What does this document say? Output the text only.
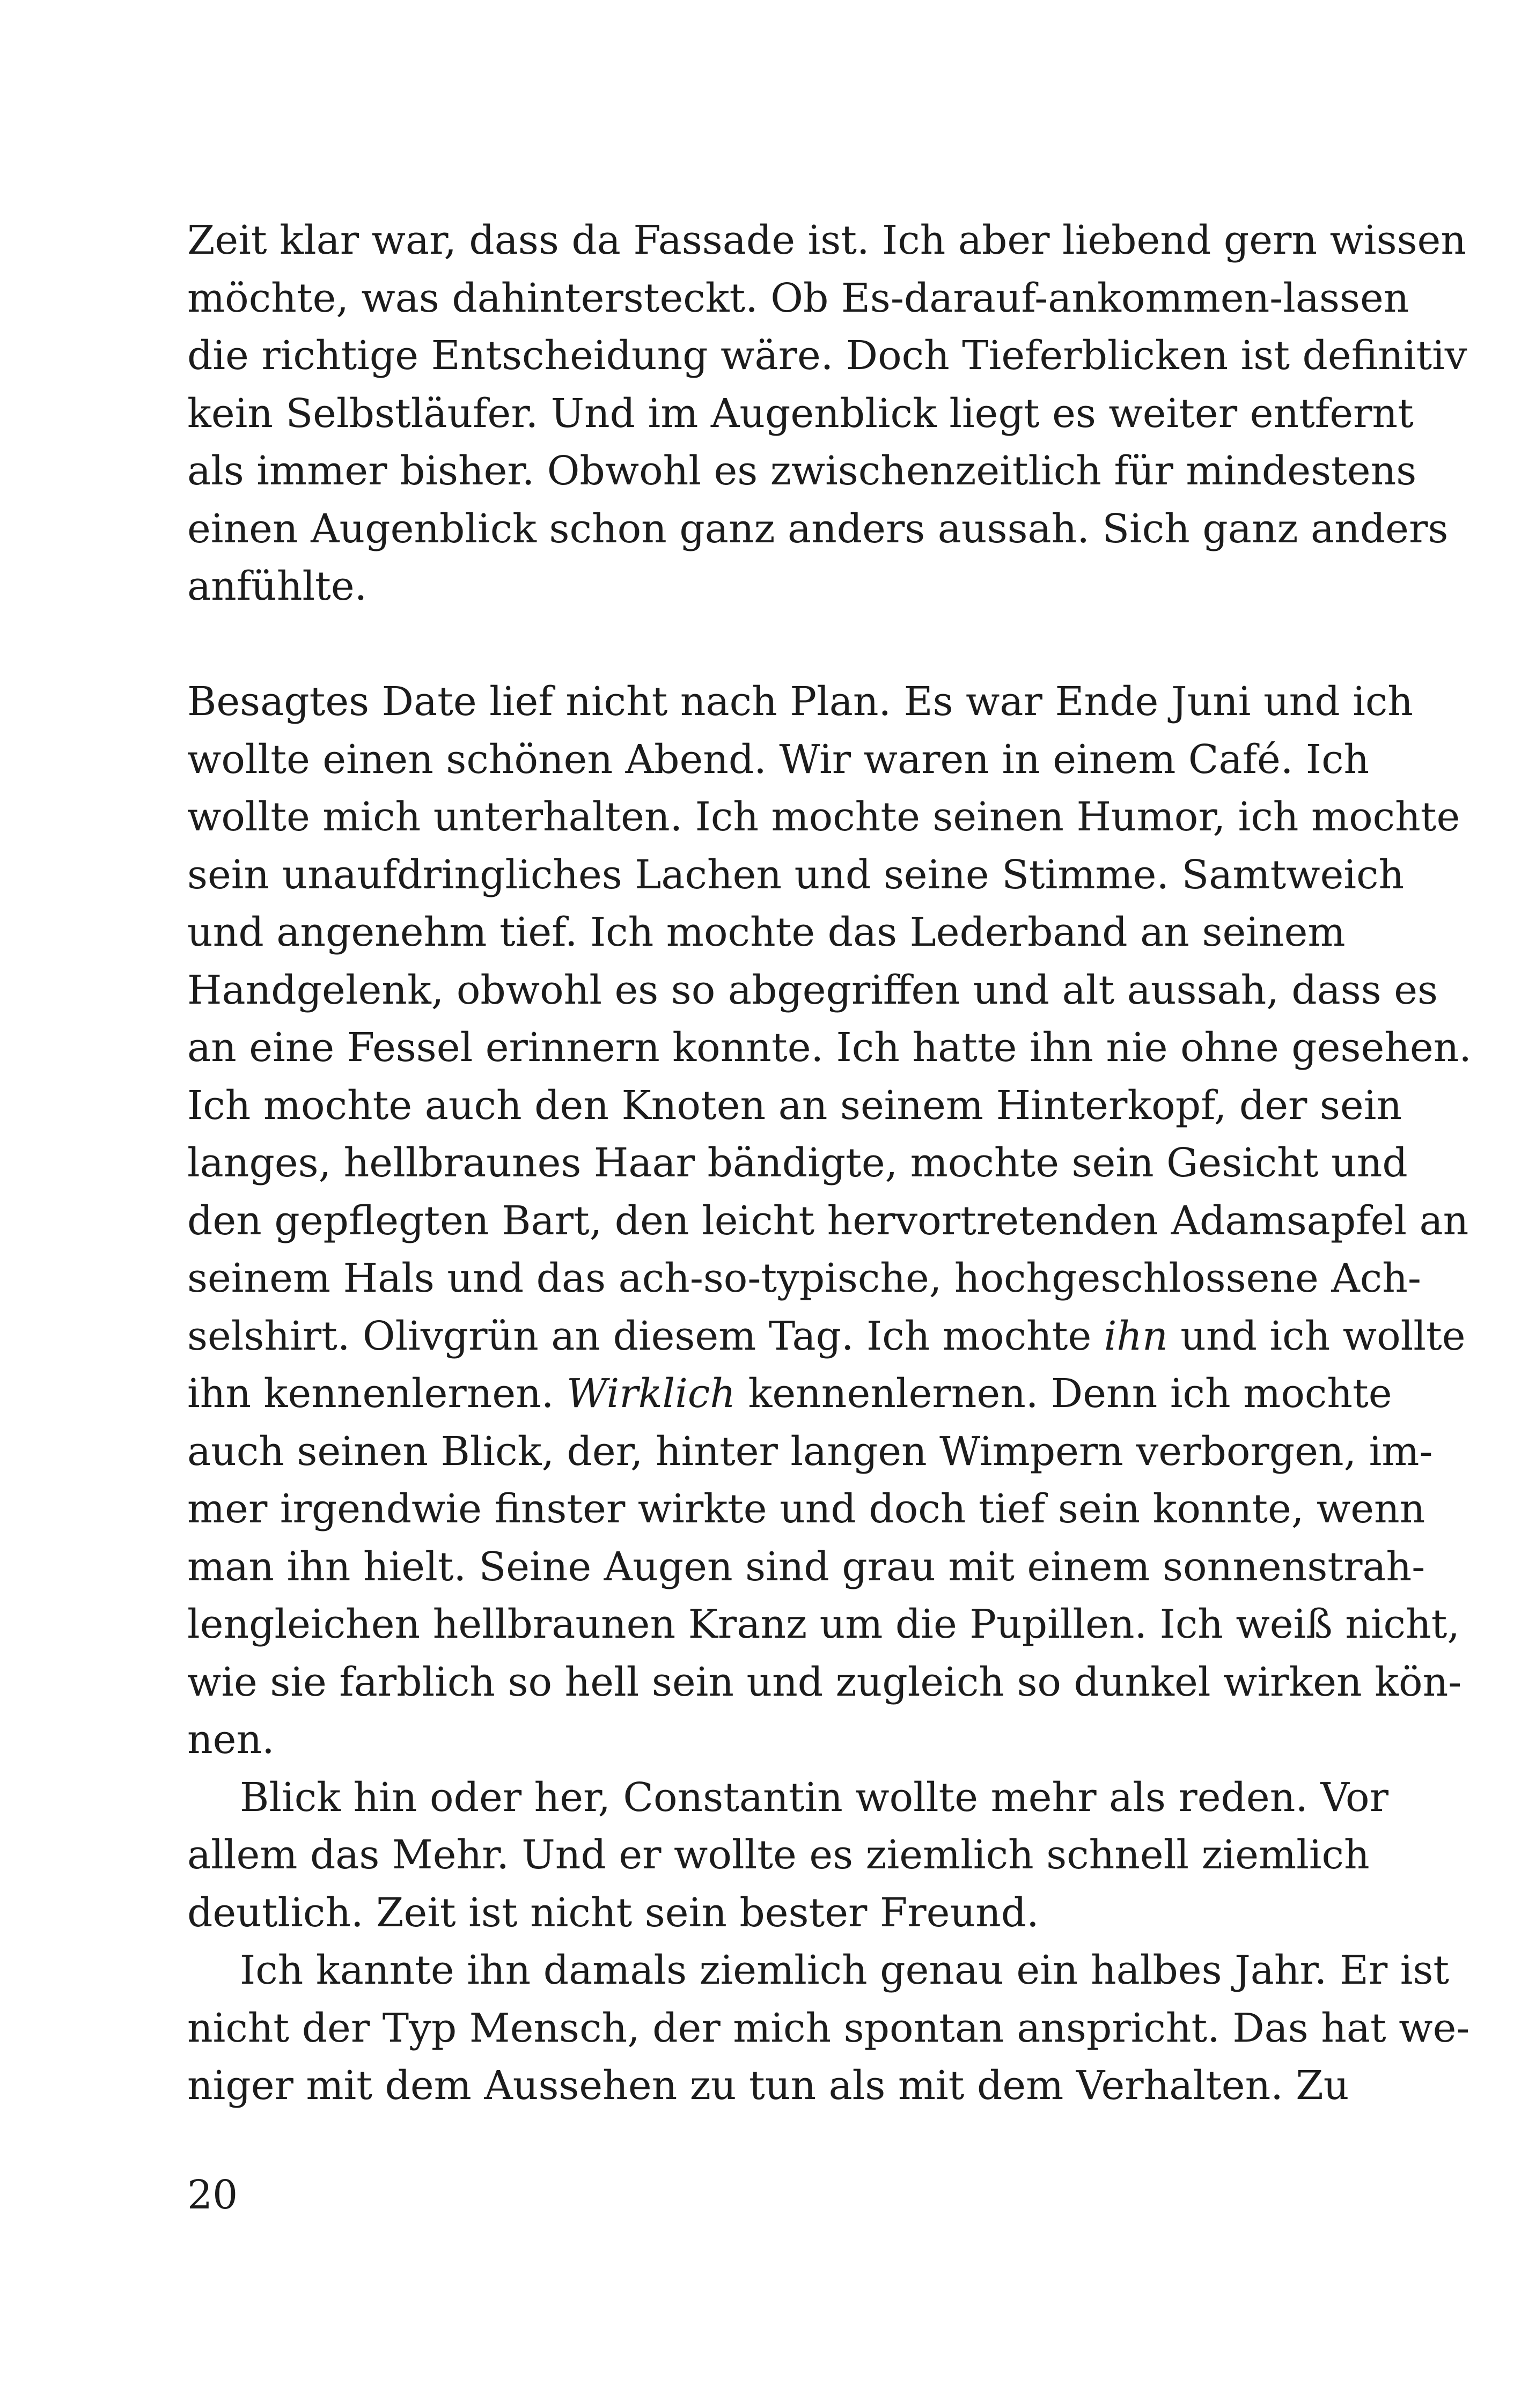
Zeit klar war, dass da Fassade ist. Ich aber liebend gern wissen
möchte, was dahintersteckt. Ob Es-darauf-ankommen-lassen
die richtige Entscheidung wäre. Doch Tieferblicken ist definitiv
kein Selbstläufer. Und im Augenblick liegt es weiter entfernt
als immer bisher. Obwohl es zwischenzeitlich für mindestens
einen Augenblick schon ganz anders aussah. Sich ganz anders
anfühlte.
Besagtes Date lief nicht nach Plan. Es war Ende Juni und ich
wollte einen schönen Abend. Wir waren in einem Café. Ich
wollte mich unterhalten. Ich mochte seinen Humor, ich mochte
sein unaufdringliches Lachen und seine Stimme. Samtweich
und angenehm tief. Ich mochte das Lederband an seinem
Handgelenk, obwohl es so abgegriffen und alt aussah, dass es
an eine Fessel erinnern konnte. Ich hatte ihn nie ohne gesehen.
Ich mochte auch den Knoten an seinem Hinterkopf, der sein
langes, hellbraunes Haar bändigte, mochte sein Gesicht und
den gepflegten Bart, den leicht hervortretenden Adamsapfel an
seinem Hals und das ach-so-typische, hochgeschlossene Ach-
selshirt. Olivgrün an diesem Tag. Ich mochte ihn und ich wollte
ihn kennenlernen. Wirklich kennenlernen. Denn ich mochte
auch seinen Blick, der, hinter langen Wimpern verborgen, im-
mer irgendwie finster wirkte und doch tief sein konnte, wenn
man ihn hielt. Seine Augen sind grau mit einem sonnenstrah-
lengleichen hellbraunen Kranz um die Pupillen. Ich weiß nicht,
wie sie farblich so hell sein und zugleich so dunkel wirken kön-
nen.
Blick hin oder her, Constantin wollte mehr als reden. Vor
allem das Mehr. Und er wollte es ziemlich schnell ziemlich
deutlich. Zeit ist nicht sein bester Freund.
Ich kannte ihn damals ziemlich genau ein halbes Jahr. Er ist
nicht der Typ Mensch, der mich spontan anspricht. Das hat we-
niger mit dem Aussehen zu tun als mit dem Verhalten. Zu
20
